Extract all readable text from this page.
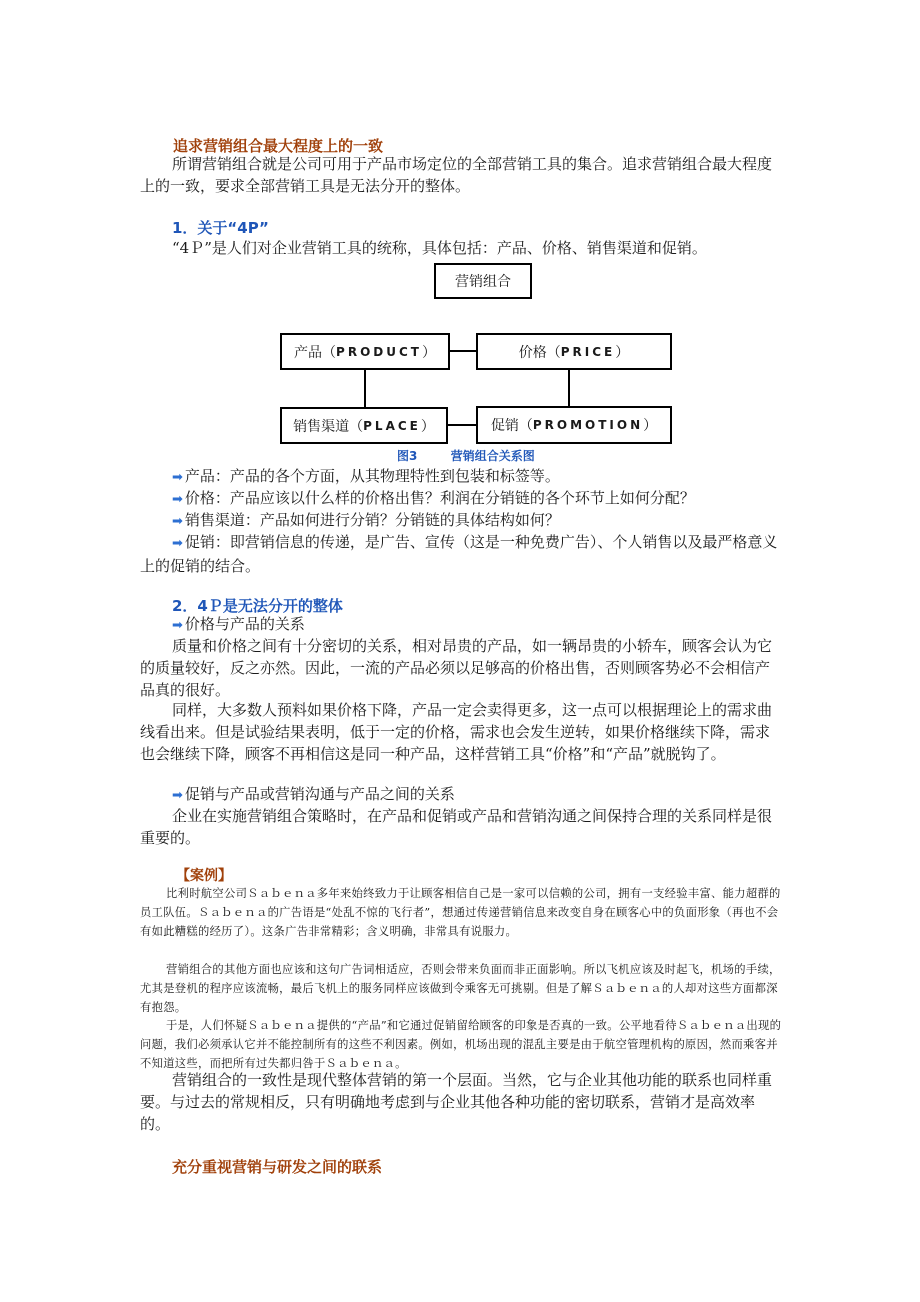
追求营销组合最大程度上的一致

所谓营销组合就是公司可用于产品市场定位的全部营销工具的集合。追求营销组合最大程度上的一致，要求全部营销工具是无法分开的整体。

1．关于“4P”

“4Ｐ”是人们对企业营销工具的统称，具体包括：产品、价格、销售渠道和促销。

营销组合
产品（ PRODUCT ）	价格（ PRICE ）
销售渠道（ PLACE ）	促销（ PROMOTION ）
图3	营销组合关系图
➡ 产品：产品的各个方面，从其物理特性到包装和标签等。
➡ 价格：产品应该以什么样的价格出售？利润在分销链的各个环节上如何分配？
➡ 销售渠道：产品如何进行分销？分销链的具体结构如何？

➡ 促销：即营销信息的传递，是广告、宣传（这是一种免费广告）、个人销售以及最严格意义上的促销的结合。

2．4Ｐ是无法分开的整体
➡ 价格与产品的关系

质量和价格之间有十分密切的关系，相对昂贵的产品，如一辆昂贵的小轿车，顾客会认为它的质量较好，反之亦然。因此，一流的产品必须以足够高的价格出售，否则顾客势必不会相信产品真的很好。

同样，大多数人预料如果价格下降，产品一定会卖得更多，这一点可以根据理论上的需求曲线看出来。但是试验结果表明，低于一定的价格，需求也会发生逆转，如果价格继续下降，需求也会继续下降，顾客不再相信这是同一种产品，这样营销工具“价格”和“产品”就脱钩了。

➡ 促销与产品或营销沟通与产品之间的关系

企业在实施营销组合策略时，在产品和促销或产品和营销沟通之间保持合理的关系同样是很重要的。

【案例】

比利时航空公司Ｓａｂｅｎａ多年来始终致力于让顾客相信自己是一家可以信赖的公司，拥有一支经验丰富、能力超群的员工队伍。Ｓａｂｅｎａ的广告语是“处乱不惊的飞行者”，想通过传递营销信息来改变自身在顾客心中的负面形象（再也不会有如此糟糕的经历了）。这条广告非常精彩；含义明确，非常具有说服力。

营销组合的其他方面也应该和这句广告词相适应，否则会带来负面而非正面影响。所以飞机应该及时起飞，机场的手续，尤其是登机的程序应该流畅，最后飞机上的服务同样应该做到令乘客无可挑剔。但是了解Ｓａｂｅｎａ的人却对这些方面都深有抱怨。

于是，人们怀疑Ｓａｂｅｎａ提供的“产品”和它通过促销留给顾客的印象是否真的一致。公平地看待Ｓａｂｅｎａ出现的问题，我们必须承认它并不能控制所有的这些不利因素。例如，机场出现的混乱主要是由于航空管理机构的原因，然而乘客并不知道这些，而把所有过失都归咎于Ｓａｂｅｎａ。

营销组合的一致性是现代整体营销的第一个层面。当然，它与企业其他功能的联系也同样重要。与过去的常规相反，只有明确地考虑到与企业其他各种功能的密切联系，营销才是高效率的。

充分重视营销与研发之间的联系
